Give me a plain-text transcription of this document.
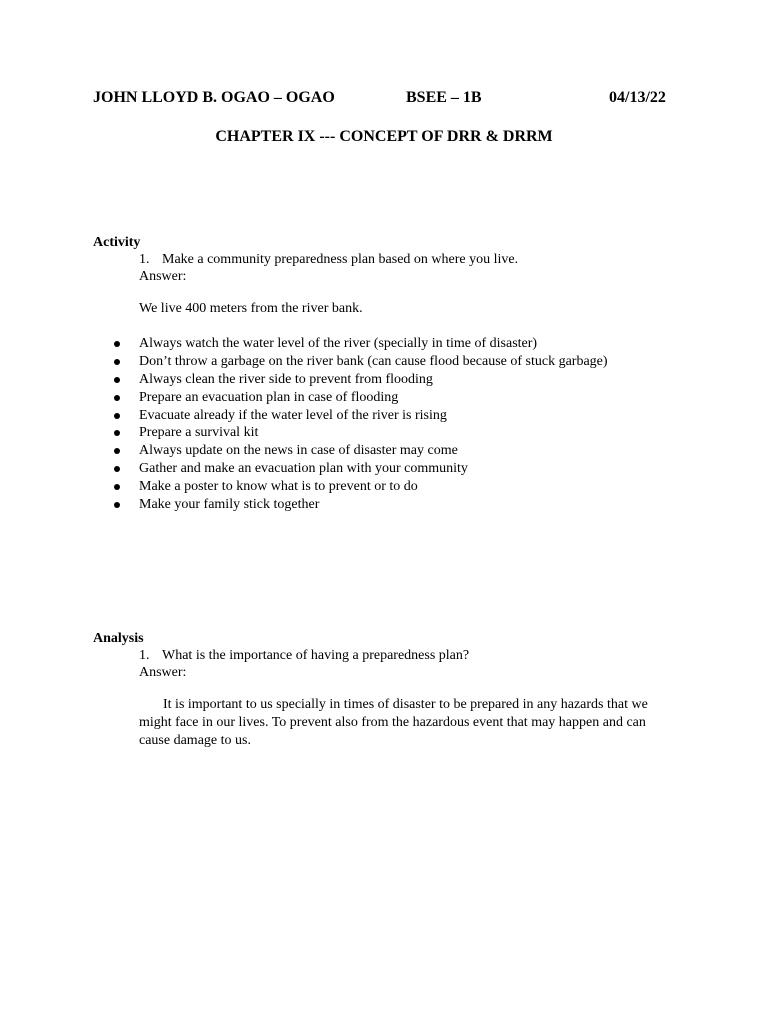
JOHN LLOYD B. OGAO – OGAO	BSEE – 1B	04/13/22
CHAPTER IX --- CONCEPT OF DRR & DRRM
Activity
1. Make a community preparedness plan based on where you live.
Answer:
We live 400 meters from the river bank.
Always watch the water level of the river (specially in time of disaster)
Don’t throw a garbage on the river bank (can cause flood because of stuck garbage)
Always clean the river side to prevent from flooding
Prepare an evacuation plan in case of flooding
Evacuate already if the water level of the river is rising
Prepare a survival kit
Always update on the news in case of disaster may come
Gather and make an evacuation plan with your community
Make a poster to know what is to prevent or to do
Make your family stick together
Analysis
1. What is the importance of having a preparedness plan?
Answer:

It is important to us specially in times of disaster to be prepared in any hazards that we might face in our lives. To prevent also from the hazardous event that may happen and can cause damage to us.
